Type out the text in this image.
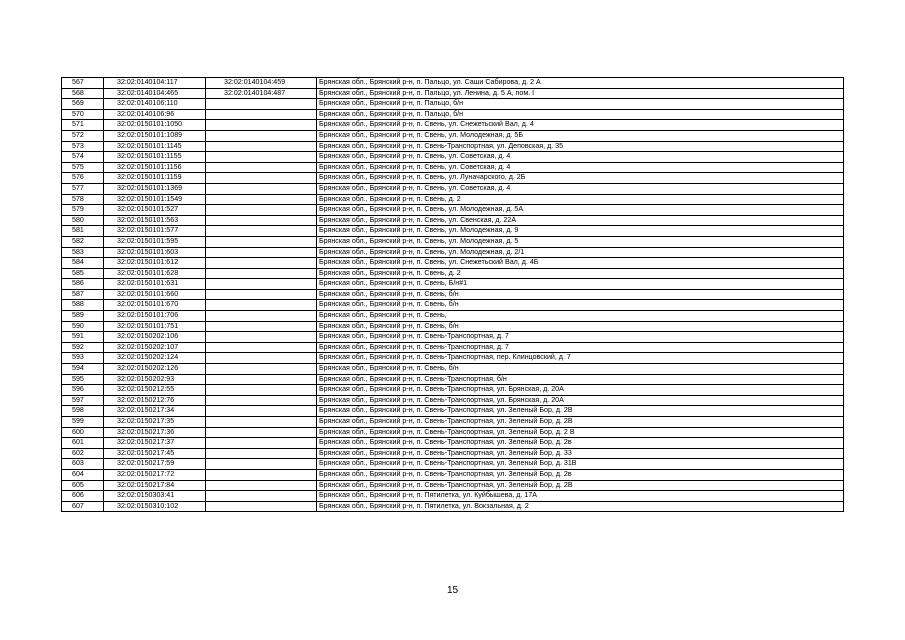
567	32:02:0140104:117	32:02:0140104:459	Брянская обл., Брянский р-н, п. Пальцо, ул. Саши Сабирова, д. 2 А
568	32:02:0140104:465	32:02:0140104:487	Брянская обл., Брянский р-н, п. Пальцо, ул. Ленина, д. 5 А, пом. I
569	32:02:0140106:110		Брянская обл., Брянский р-н, п. Пальцо, б/н
570	32:02:0140106:96		Брянская обл., Брянский р-н, п. Пальцо, б/н
571	32:02:0150101:1050		Брянская обл., Брянский р-н, п. Свень, ул. Снежетьский Вал, д. 4
572	32:02:0150101:1089		Брянская обл., Брянский р-н, п. Свень, ул. Молодежная, д. 5Б
573	32:02:0150101:1145		Брянская обл., Брянский р-н, п. Свень-Транспортная, ул. Деповская, д. 35
574	32:02:0150101:1155		Брянская обл., Брянский р-н, п. Свень, ул. Советская, д. 4
575	32:02:0150101:1156		Брянская обл., Брянский р-н, п. Свень, ул. Советская, д. 4
576	32:02:0150101:1159		Брянская обл., Брянский р-н, п. Свень, ул. Луначарского, д. 2Б
577	32:02:0150101:1369		Брянская обл., Брянский р-н, п. Свень, ул. Советская, д. 4
578	32:02:0150101:1549		Брянская обл., Брянский р-н, п. Свень, д. 2
579	32:02:0150101:527		Брянская обл., Брянский р-н, п. Свень, ул. Молодежная, д. 5А
580	32:02:0150101:563		Брянская обл., Брянский р-н, п. Свень, ул. Свенская, д. 22А
581	32:02:0150101:577		Брянская обл., Брянский р-н, п. Свень, ул. Молодежная, д. 9
582	32:02:0150101:595		Брянская обл., Брянский р-н, п. Свень, ул. Молодежная, д. 5
583	32:02:0150101:603		Брянская обл., Брянский р-н, п. Свень, ул. Молодежная, д. 2/1
584	32:02:0150101:612		Брянская обл., Брянский р-н, п. Свень, ул. Снежетьский Вал, д. 4Б
585	32:02:0150101:628		Брянская обл., Брянский р-н, п. Свень, д. 2
586	32:02:0150101:631		Брянская обл., Брянский р-н, п. Свень, Б/н#1
587	32:02:0150101:660		Брянская обл., Брянский р-н, п. Свень, б/н
588	32:02:0150101:670		Брянская обл., Брянский р-н, п. Свень, б/н
589	32:02:0150101:706		Брянская обл., Брянский р-н, п. Свень,
590	32:02:0150101:751		Брянская обл., Брянский р-н, п. Свень, б/н
591	32:02:0150202:106		Брянская обл., Брянский р-н, п. Свень-Транспортная, д. 7
592	32:02:0150202:107		Брянская обл., Брянский р-н, п. Свень-Транспортная, д. 7
593	32:02:0150202:124		Брянская обл., Брянский р-н, п. Свень-Транспортная, пер. Клинцовский, д. 7
594	32:02:0150202:126		Брянская обл., Брянский р-н, п. Свень, б/н
595	32:02:0150202:93		Брянская обл., Брянский р-н, п. Свень-Транспортная, б/н
596	32:02:0150212:55		Брянская обл., Брянский р-н, п. Свень-Транспортная, ул. Брянская, д. 20А
597	32:02:0150212:76		Брянская обл., Брянский р-н, п. Свень-Транспортная, ул. Брянская, д. 20А
598	32:02:0150217:34		Брянская обл., Брянский р-н, п. Свень-Транспортная, ул. Зеленый Бор, д. 2В
599	32:02:0150217:35		Брянская обл., Брянский р-н, п. Свень-Транспортная, ул. Зеленый Бор, д. 2В
600	32:02:0150217:36		Брянская обл., Брянский р-н, п. Свень-Транспортная, ул. Зеленый Бор, д. 2 В
601	32:02:0150217:37		Брянская обл., Брянский р-н, п. Свень-Транспортная, ул. Зеленый Бор, д. 2в
602	32:02:0150217:45		Брянская обл., Брянский р-н, п. Свень-Транспортная, ул. Зеленый Бор, д. 33
603	32:02:0150217:59		Брянская обл., Брянский р-н, п. Свень-Транспортная, ул. Зеленый Бор, д. 31В
604	32:02:0150217:72		Брянская обл., Брянский р-н, п. Свень-Транспортная, ул. Зеленый Бор, д. 2в
605	32:02:0150217:84		Брянская обл., Брянский р-н, п. Свень-Транспортная, ул. Зеленый Бор, д. 2В
606	32:02:0150303:41		Брянская обл., Брянский р-н, п. Пятилетка, ул. Куйбышева, д. 17А
607	32:02:0150310:102		Брянская обл., Брянский р-н, п. Пятилетка, ул. Вокзальная, д. 2
15
